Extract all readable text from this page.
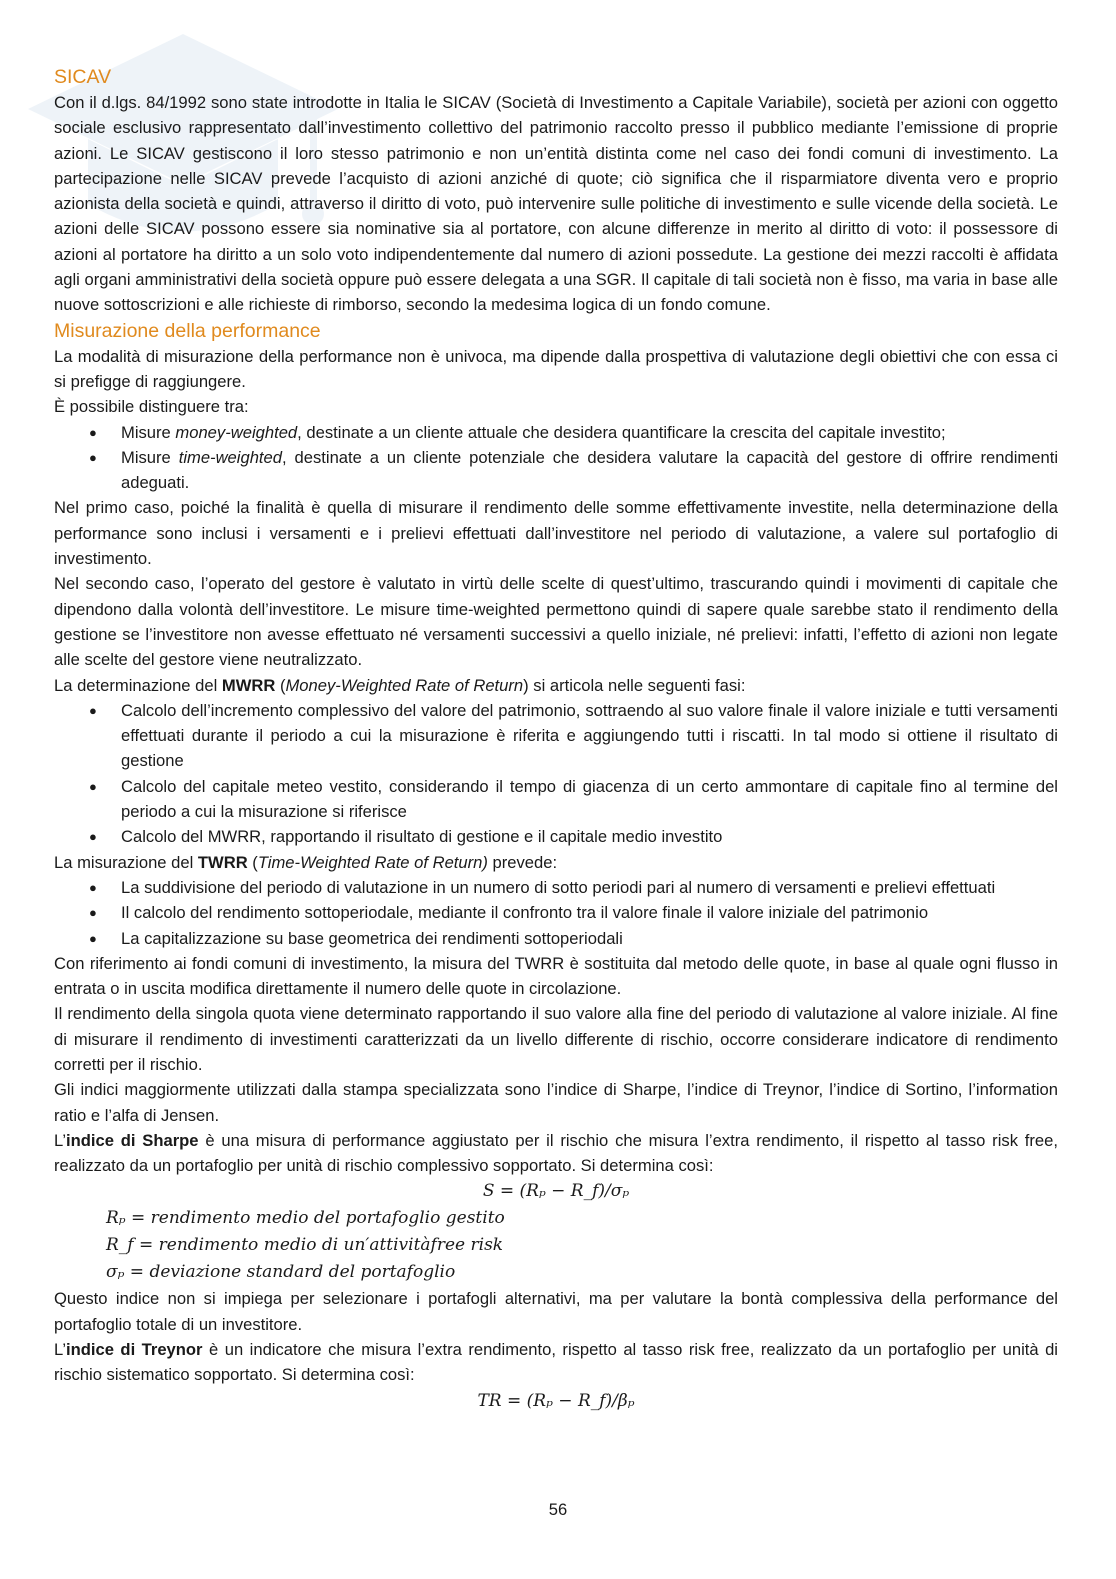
SICAV

Con il d.lgs. 84/1992 sono state introdotte in Italia le SICAV (Società di Investimento a Capitale Variabile), società per azioni con oggetto sociale esclusivo rappresentato dall’investimento collettivo del patrimonio raccolto presso il pubblico mediante l’emissione di proprie azioni. Le SICAV gestiscono il loro stesso patrimonio e non un’entità distinta come nel caso dei fondi comuni di investimento. La partecipazione nelle SICAV prevede l’acquisto di azioni anziché di quote; ciò significa che il risparmiatore diventa vero e proprio azionista della società e quindi, attraverso il diritto di voto, può intervenire sulle politiche di investimento e sulle vicende della società. Le azioni delle SICAV possono essere sia nominative sia al portatore, con alcune differenze in merito al diritto di voto: il possessore di azioni al portatore ha diritto a un solo voto indipendentemente dal numero di azioni possedute. La gestione dei mezzi raccolti è affidata agli organi amministrativi della società oppure può essere delegata a una SGR. Il capitale di tali società non è fisso, ma varia in base alle nuove sottoscrizioni e alle richieste di rimborso, secondo la medesima logica di un fondo comune.

Misurazione della performance

La modalità di misurazione della performance non è univoca, ma dipende dalla prospettiva di valutazione degli obiettivi che con essa ci si prefigge di raggiungere.

È possibile distinguere tra:

● Misure money-weighted, destinate a un cliente attuale che desidera quantificare la crescita del capitale investito;
● Misure time-weighted, destinate a un cliente potenziale che desidera valutare la capacità del gestore di offrire rendimenti adeguati.

Nel primo caso, poiché la finalità è quella di misurare il rendimento delle somme effettivamente investite, nella determinazione della performance sono inclusi i versamenti e i prelievi effettuati dall’investitore nel periodo di valutazione, a valere sul portafoglio di investimento.

Nel secondo caso, l’operato del gestore è valutato in virtù delle scelte di quest’ultimo, trascurando quindi i movimenti di capitale che dipendono dalla volontà dell’investitore. Le misure time-weighted permettono quindi di sapere quale sarebbe stato il rendimento della gestione se l’investitore non avesse effettuato né versamenti successivi a quello iniziale, né prelievi: infatti, l’effetto di azioni non legate alle scelte del gestore viene neutralizzato.

La determinazione del MWRR (Money-Weighted Rate of Return) si articola nelle seguenti fasi:

● Calcolo dell’incremento complessivo del valore del patrimonio, sottraendo al suo valore finale il valore iniziale e tutti versamenti effettuati durante il periodo a cui la misurazione è riferita e aggiungendo tutti i riscatti. In tal modo si ottiene il risultato di gestione
● Calcolo del capitale meteo vestito, considerando il tempo di giacenza di un certo ammontare di capitale fino al termine del periodo a cui la misurazione si riferisce
● Calcolo del MWRR, rapportando il risultato di gestione e il capitale medio investito

La misurazione del TWRR (Time-Weighted Rate of Return) prevede:

● La suddivisione del periodo di valutazione in un numero di sotto periodi pari al numero di versamenti e prelievi effettuati
● Il calcolo del rendimento sottoperiodale, mediante il confronto tra il valore finale il valore iniziale del patrimonio
● La capitalizzazione su base geometrica dei rendimenti sottoperiodali

Con riferimento ai fondi comuni di investimento, la misura del TWRR è sostituita dal metodo delle quote, in base al quale ogni flusso in entrata o in uscita modifica direttamente il numero delle quote in circolazione.

Il rendimento della singola quota viene determinato rapportando il suo valore alla fine del periodo di valutazione al valore iniziale. Al fine di misurare il rendimento di investimenti caratterizzati da un livello differente di rischio, occorre considerare indicatore di rendimento corretti per il rischio.

Gli indici maggiormente utilizzati dalla stampa specializzata sono l’indice di Sharpe, l’indice di Treynor, l’indice di Sortino, l’information ratio e l’alfa di Jensen.

L’indice di Sharpe è una misura di performance aggiustato per il rischio che misura l’extra rendimento, il rispetto al tasso risk free, realizzato da un portafoglio per unità di rischio complessivo sopportato. Si determina così:

S = (Rₚ − R_f)/σₚ
Rₚ = rendimento medio del portafoglio gestito
R_f = rendimento medio di un′attivitàfree risk
σₚ = deviazione standard del portafoglio

Questo indice non si impiega per selezionare i portafogli alternativi, ma per valutare la bontà complessiva della performance del portafoglio totale di un investitore.

L’indice di Treynor è un indicatore che misura l’extra rendimento, rispetto al tasso risk free, realizzato da un portafoglio per unità di rischio sistematico sopportato. Si determina così:

TR = (Rₚ − R_f)/βₚ
56
